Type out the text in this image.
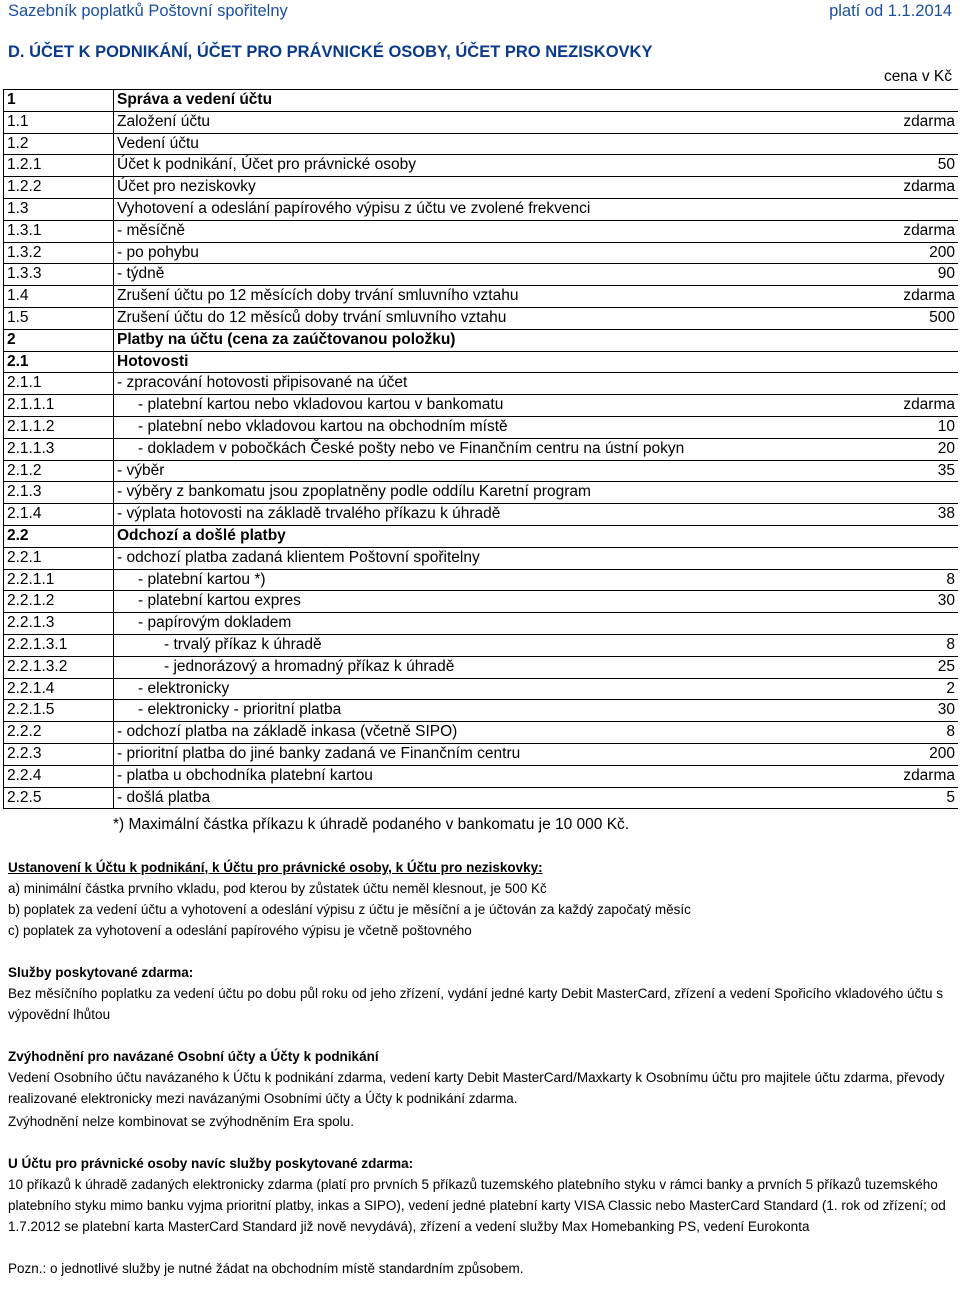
Sazebník poplatků Poštovní spořitelny	platí od 1.1.2014
D. ÚČET K PODNIKÁNÍ, ÚČET PRO PRÁVNICKÉ OSOBY, ÚČET PRO NEZISKOVKY
cena v Kč
1	Správa a vedení účtu	
1.1	Založení účtu	zdarma
1.2	Vedení účtu	
1.2.1	Účet k podnikání, Účet pro právnické osoby	50
1.2.2	Účet pro neziskovky	zdarma
1.3	Vyhotovení a odeslání papírového výpisu z účtu ve zvolené frekvenci	
1.3.1	- měsíčně	zdarma
1.3.2	- po pohybu	200
1.3.3	- týdně	90
1.4	Zrušení účtu po 12 měsících doby trvání smluvního vztahu	zdarma
1.5	Zrušení účtu do 12 měsíců doby trvání smluvního vztahu	500
2	Platby na účtu (cena za zaúčtovanou položku)	
2.1	Hotovosti	
2.1.1	- zpracování hotovosti připisované na účet	
2.1.1.1	- platební kartou nebo vkladovou kartou v bankomatu	zdarma
2.1.1.2	- platební nebo vkladovou kartou na obchodním místě	10
2.1.1.3	- dokladem v pobočkách České pošty nebo ve Finančním centru na ústní pokyn	20
2.1.2	- výběr	35
2.1.3	- výběry z bankomatu jsou zpoplatněny podle oddílu Karetní program	
2.1.4	- výplata hotovosti na základě trvalého příkazu k úhradě	38
2.2	Odchozí a došlé platby	
2.2.1	- odchozí platba zadaná klientem Poštovní spořitelny	
2.2.1.1	- platební kartou *)	8
2.2.1.2	- platební kartou expres	30
2.2.1.3	- papírovým dokladem	
2.2.1.3.1	- trvalý příkaz k úhradě	8
2.2.1.3.2	- jednorázový a hromadný příkaz k úhradě	25
2.2.1.4	- elektronicky	2
2.2.1.5	- elektronicky - prioritní platba	30
2.2.2	- odchozí platba na základě inkasa (včetně SIPO)	8
2.2.3	- prioritní platba do jiné banky zadaná ve Finančním centru	200
2.2.4	- platba u obchodníka platební kartou	zdarma
2.2.5	- došlá platba	5
*) Maximální částka příkazu k úhradě podaného v bankomatu je 10 000 Kč.

Ustanovení k Účtu k podnikání, k Účtu pro právnické osoby, k Účtu pro neziskovky:

a) minimální částka prvního vkladu, pod kterou by zůstatek účtu neměl klesnout, je 500 Kč

b) poplatek za vedení účtu a vyhotovení a odeslání výpisu z účtu je měsíční a je účtován za každý započatý měsíc

c) poplatek za vyhotovení a odeslání papírového výpisu je včetně poštovného

Služby poskytované zdarma:

Bez měsíčního poplatku za vedení účtu po dobu půl roku od jeho zřízení, vydání jedné karty Debit MasterCard, zřízení a vedení Spořicího vkladového účtu s výpovědní lhůtou

Zvýhodnění pro navázané Osobní účty a Účty k podnikání

Vedení Osobního účtu navázaného k Účtu k podnikání zdarma, vedení karty Debit MasterCard/Maxkarty k Osobnímu účtu pro majitele účtu zdarma, převody realizované elektronicky mezi navázanými Osobními účty a Účty k podnikání zdarma.

Zvýhodnění nelze kombinovat se zvýhodněním Era spolu.

U Účtu pro právnické osoby navíc služby poskytované zdarma:

10 příkazů k úhradě zadaných elektronicky zdarma (platí pro prvních 5 příkazů tuzemského platebního styku v rámci banky a prvních 5 příkazů tuzemského platebního styku mimo banku vyjma prioritní platby, inkas a SIPO), vedení jedné platební karty VISA Classic nebo MasterCard Standard (1. rok od zřízení; od 1.7.2012 se platební karta MasterCard Standard již nově nevydává), zřízení a vedení služby Max Homebanking PS, vedení Eurokonta

Pozn.: o jednotlivé služby je nutné žádat na obchodním místě standardním způsobem.
